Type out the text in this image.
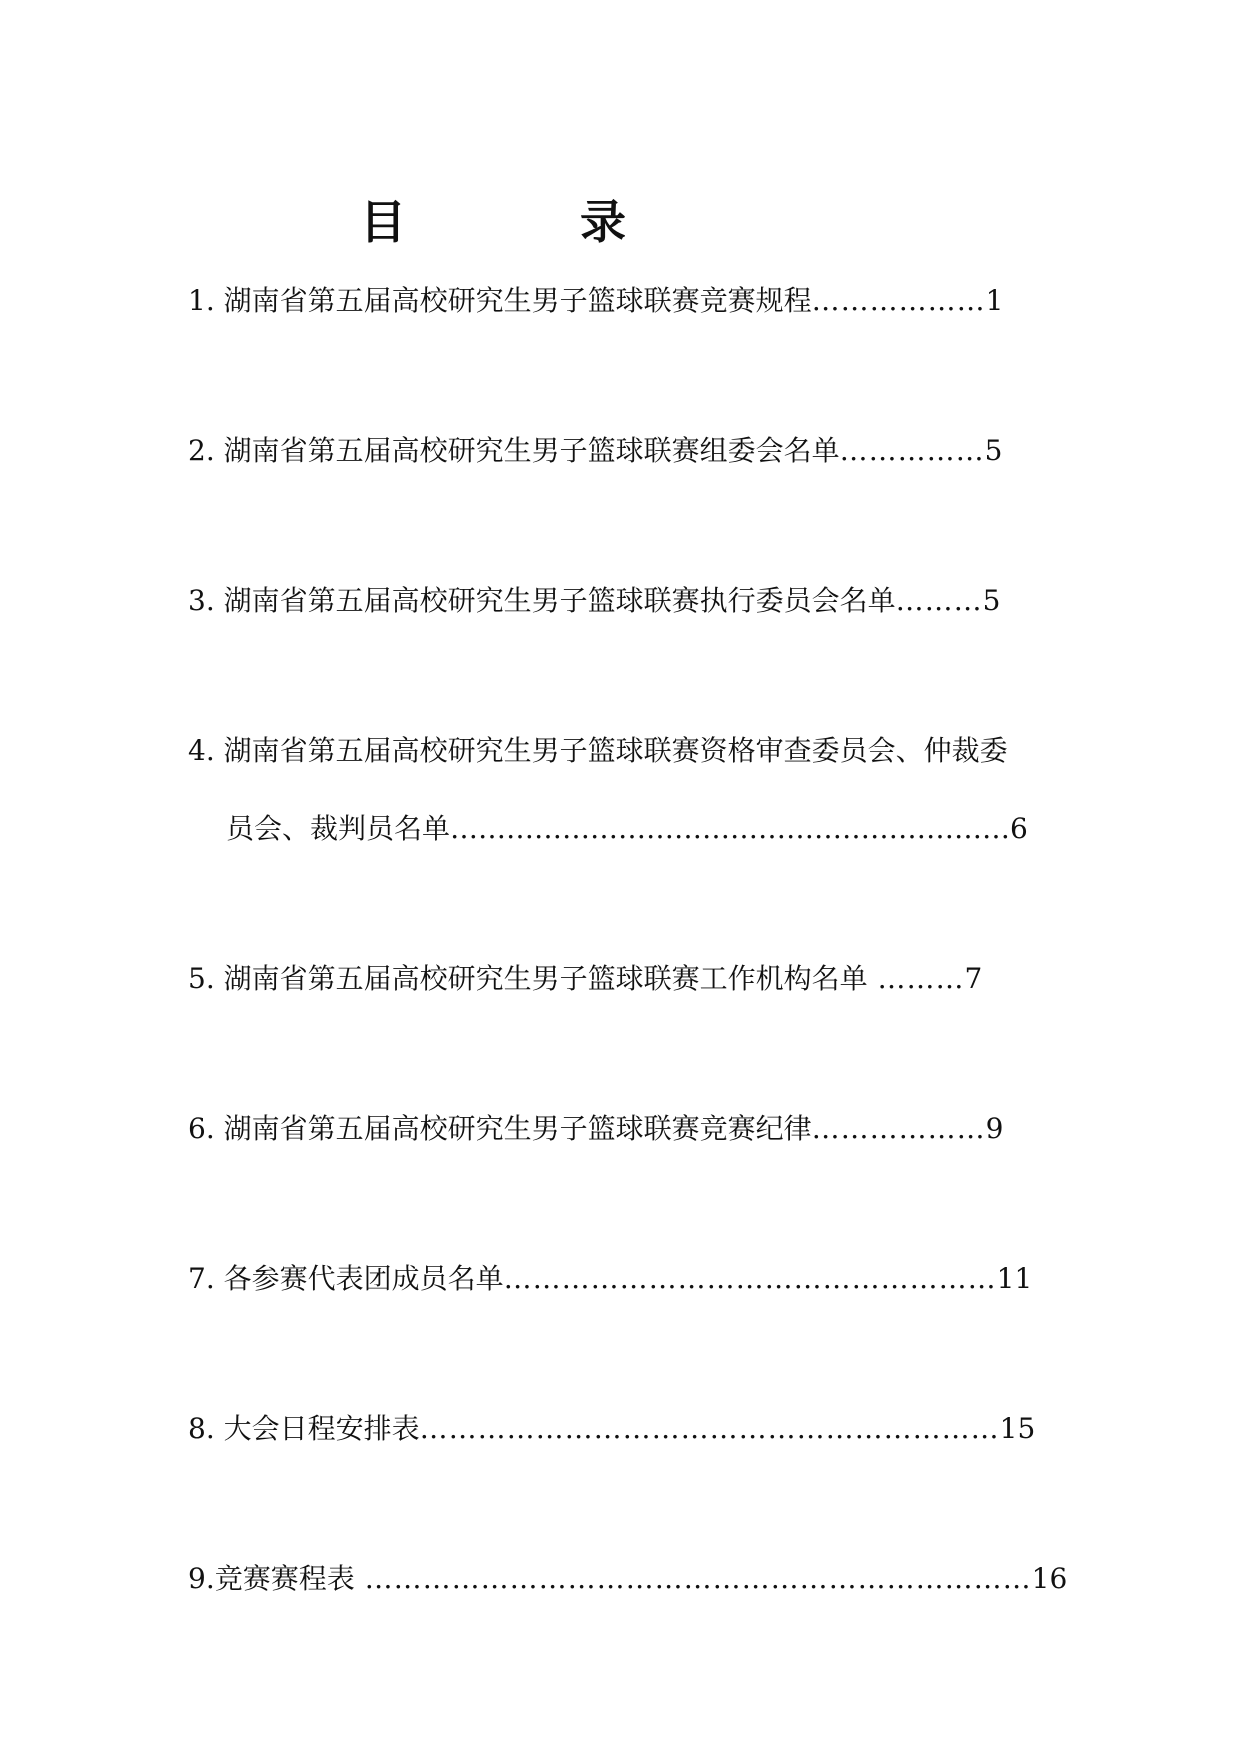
目　录
1. 湖南省第五届高校研究生男子篮球联赛竞赛规程………………1
2. 湖南省第五届高校研究生男子篮球联赛组委会名单……………5
3. 湖南省第五届高校研究生男子篮球联赛执行委员会名单………5
4. 湖南省第五届高校研究生男子篮球联赛资格审查委员会、仲裁委
员会、裁判员名单……………………………………………………6
5. 湖南省第五届高校研究生男子篮球联赛工作机构名单 ………7
6. 湖南省第五届高校研究生男子篮球联赛竞赛纪律………………9
7. 各参赛代表团成员名单……………………………………………11
8. 大会日程安排表……………………………………………………15
9.竞赛赛程表 ……………………………………………………………16
